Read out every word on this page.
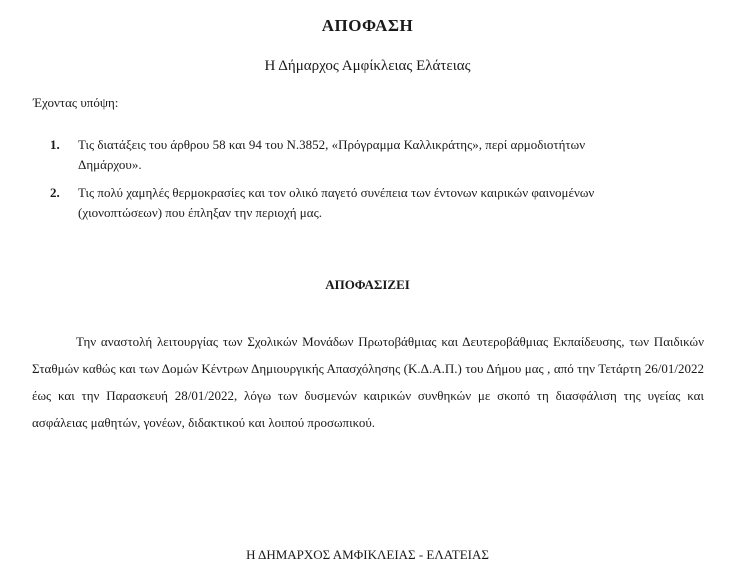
ΑΠΟΦΑΣΗ
Η Δήμαρχος Αμφίκλειας Ελάτειας
Έχοντας υπόψη:
1.	Τις διατάξεις του άρθρου 58 και 94 του Ν.3852, «Πρόγραμμα Καλλικράτης», περί αρμοδιοτήτων Δημάρχου».
2.	Τις πολύ χαμηλές θερμοκρασίες και τον ολικό παγετό συνέπεια των έντονων καιρικών φαινομένων (χιονοπτώσεων) που έπληξαν την περιοχή μας.
ΑΠΟΦΑΣΙΖΕΙ
Την αναστολή λειτουργίας των Σχολικών Μονάδων Πρωτοβάθμιας και Δευτεροβάθμιας Εκπαίδευσης, των Παιδικών Σταθμών καθώς και των Δομών Κέντρων Δημιουργικής Απασχόλησης (Κ.Δ.Α.Π.) του Δήμου μας , από την Τετάρτη 26/01/2022 έως και την Παρασκευή 28/01/2022, λόγω των δυσμενών καιρικών συνθηκών με σκοπό τη διασφάλιση της υγείας και ασφάλειας μαθητών, γονέων, διδακτικού και λοιπού προσωπικού.
Η ΔΗΜΑΡΧΟΣ ΑΜΦΙΚΛΕΙΑΣ - ΕΛΑΤΕΙΑΣ
